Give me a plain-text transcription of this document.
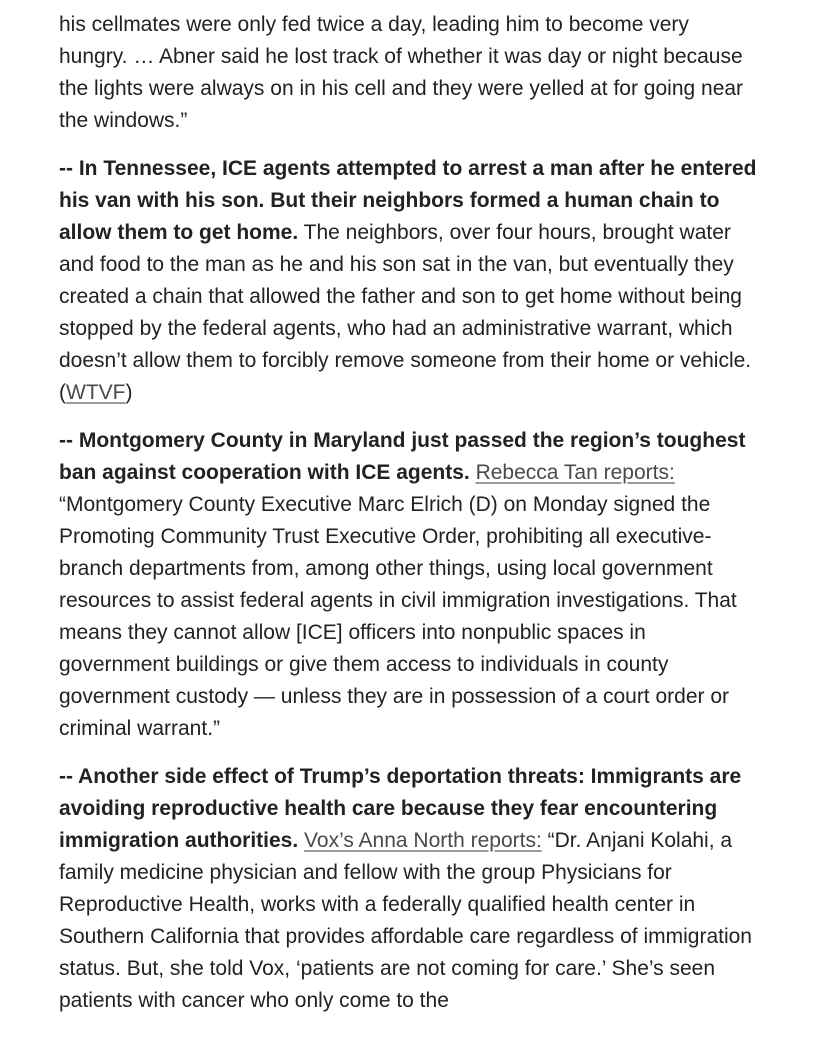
his cellmates were only fed twice a day, leading him to become very hungry. … Abner said he lost track of whether it was day or night because the lights were always on in his cell and they were yelled at for going near the windows.”

-- In Tennessee, ICE agents attempted to arrest a man after he entered his van with his son. But their neighbors formed a human chain to allow them to get home. The neighbors, over four hours, brought water and food to the man as he and his son sat in the van, but eventually they created a chain that allowed the father and son to get home without being stopped by the federal agents, who had an administrative warrant, which doesn’t allow them to forcibly remove someone from their home or vehicle. (WTVF)

-- Montgomery County in Maryland just passed the region’s toughest ban against cooperation with ICE agents. Rebecca Tan reports: “Montgomery County Executive Marc Elrich (D) on Monday signed the Promoting Community Trust Executive Order, prohibiting all executive-branch departments from, among other things, using local government resources to assist federal agents in civil immigration investigations. That means they cannot allow [ICE] officers into nonpublic spaces in government buildings or give them access to individuals in county government custody — unless they are in possession of a court order or criminal warrant.”

-- Another side effect of Trump’s deportation threats: Immigrants are avoiding reproductive health care because they fear encountering immigration authorities. Vox’s Anna North reports: “Dr. Anjani Kolahi, a family medicine physician and fellow with the group Physicians for Reproductive Health, works with a federally qualified health center in Southern California that provides affordable care regardless of immigration status. But, she told Vox, ‘patients are not coming for care.’ She’s seen patients with cancer who only come to the
